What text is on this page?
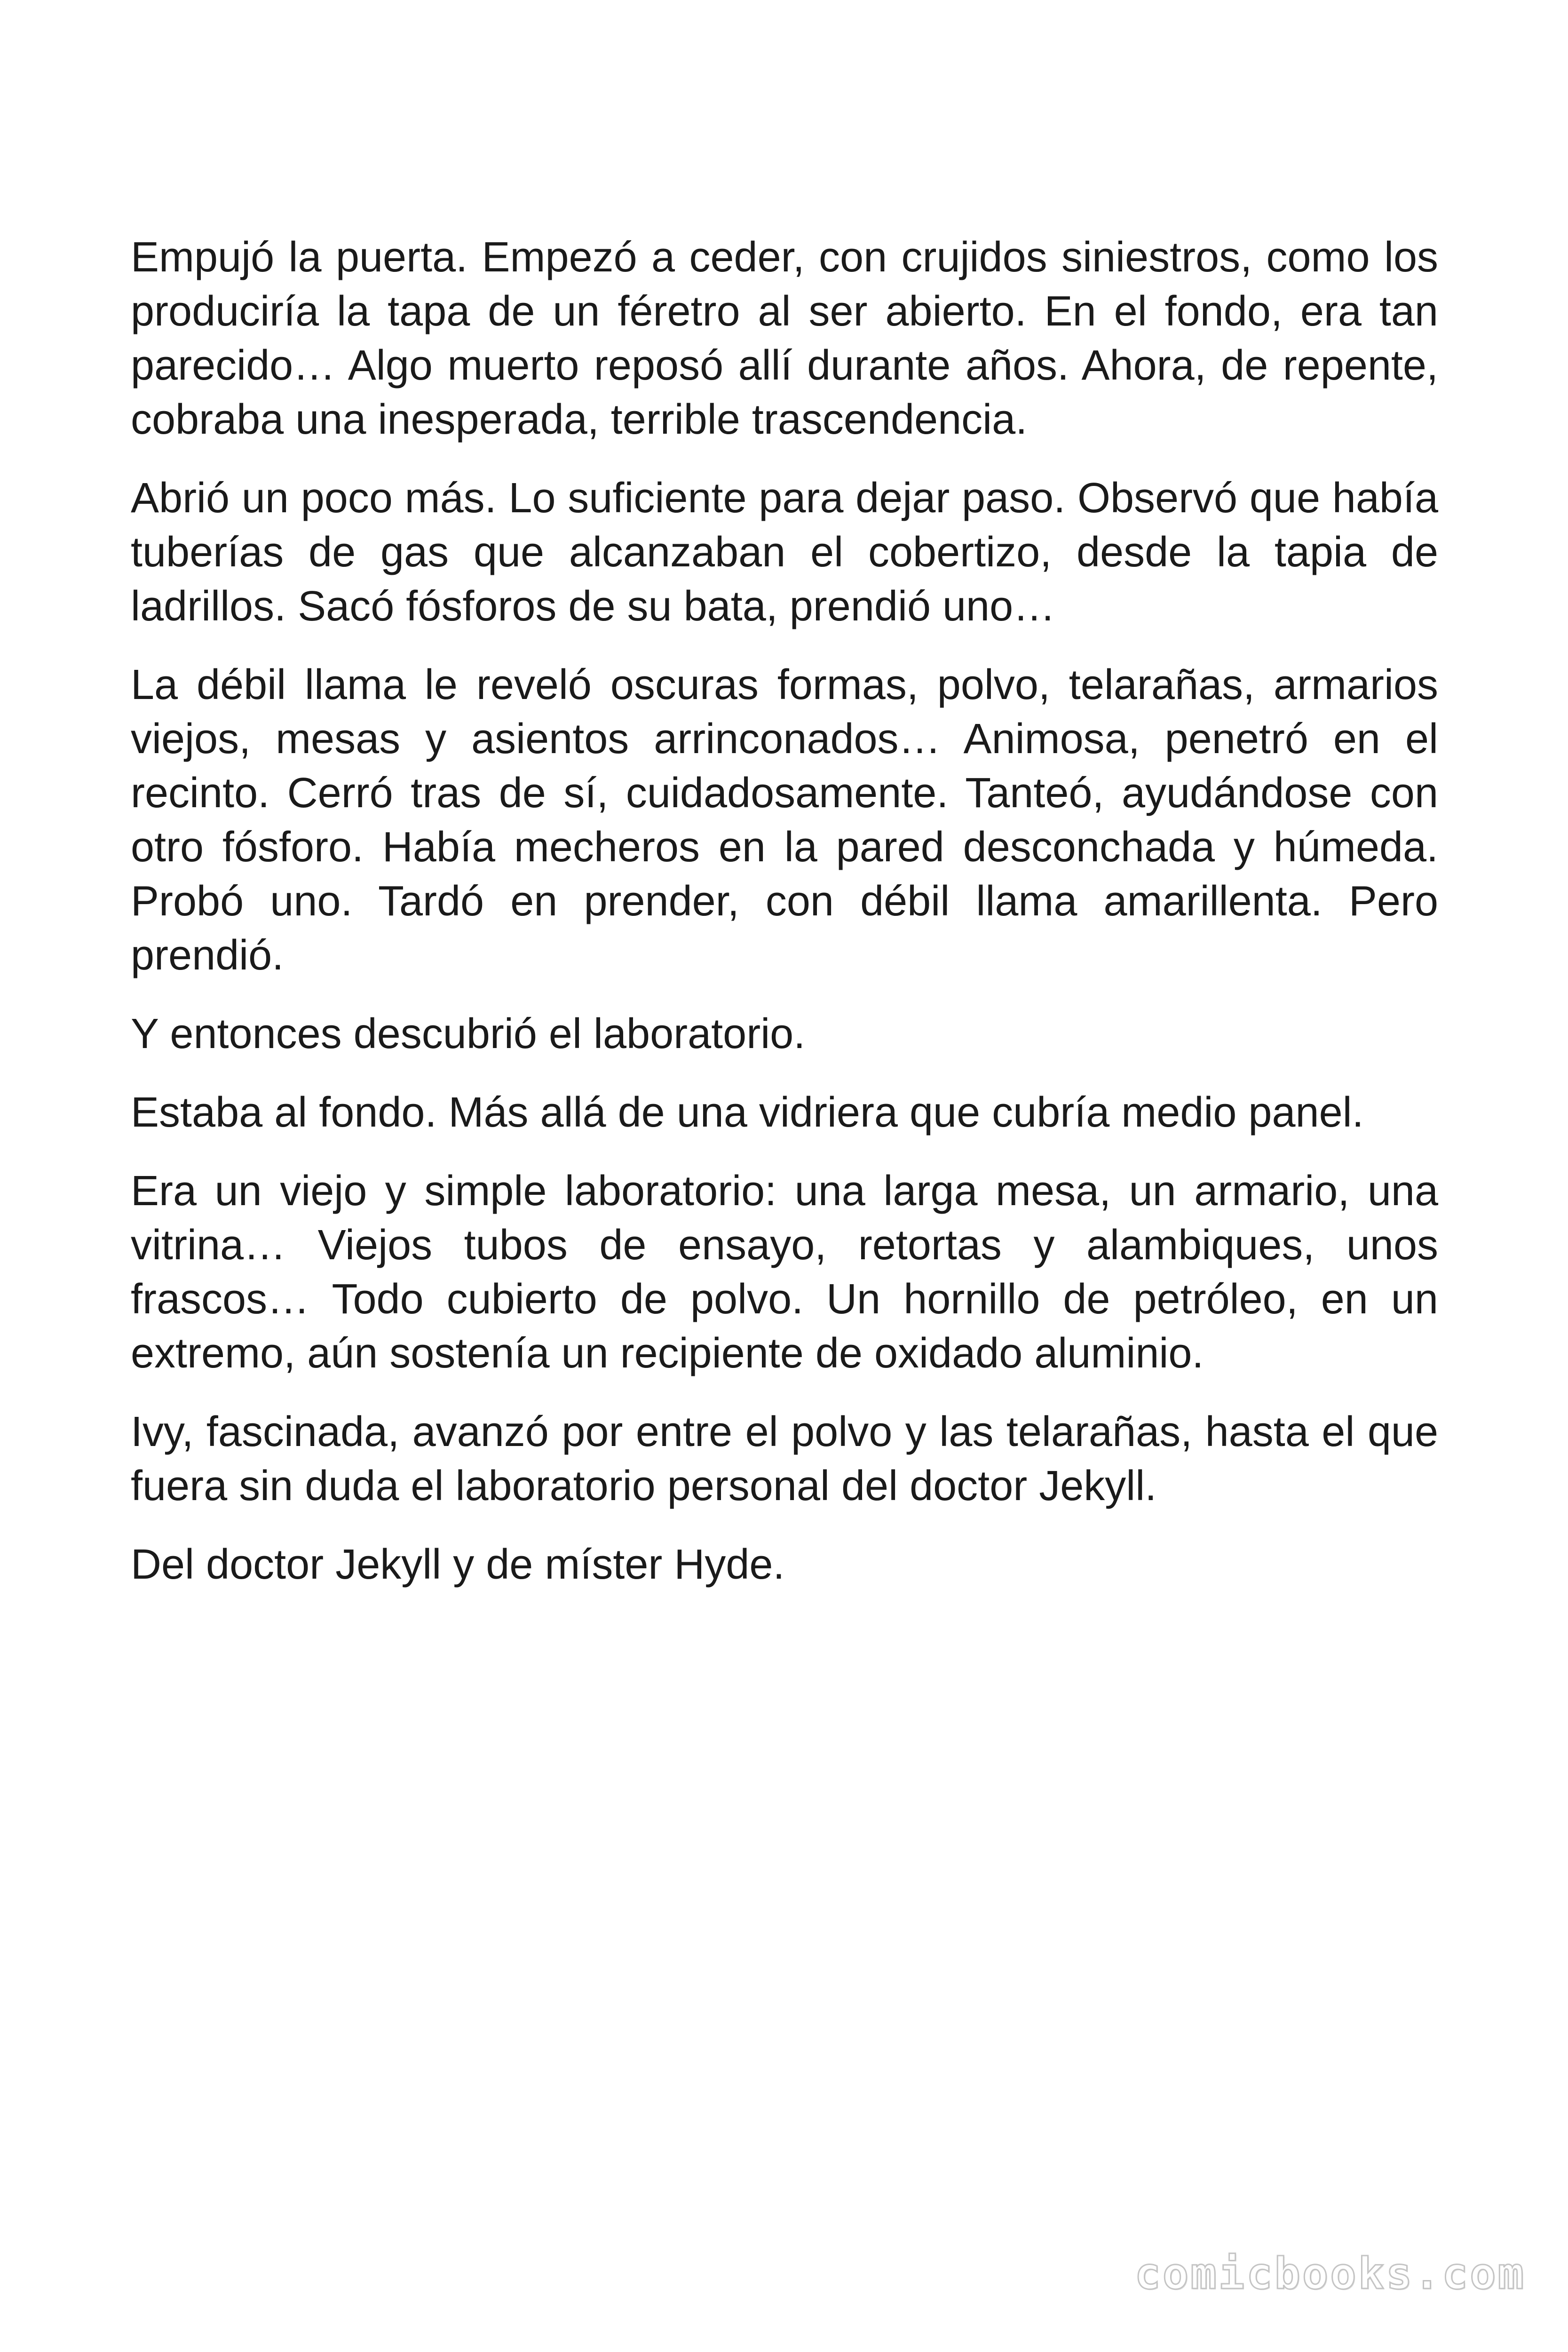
Empujó la puerta. Empezó a ceder, con crujidos siniestros, como los produciría la tapa de un féretro al ser abierto. En el fondo, era tan parecido… Algo muerto reposó allí durante años. Ahora, de repente, cobraba una inesperada, terrible trascendencia.

Abrió un poco más. Lo suficiente para dejar paso. Observó que había tuberías de gas que alcanzaban el cobertizo, desde la tapia de ladrillos. Sacó fósforos de su bata, prendió uno…

La débil llama le reveló oscuras formas, polvo, telarañas, armarios viejos, mesas y asientos arrinconados… Animosa, penetró en el recinto. Cerró tras de sí, cuidadosamente. Tanteó, ayudándose con otro fósforo. Había mecheros en la pared desconchada y húmeda. Probó uno. Tardó en prender, con débil llama amarillenta. Pero prendió.

Y entonces descubrió el laboratorio.

Estaba al fondo. Más allá de una vidriera que cubría medio panel.

Era un viejo y simple laboratorio: una larga mesa, un armario, una vitrina… Viejos tubos de ensayo, retortas y alambiques, unos frascos… Todo cubierto de polvo. Un hornillo de petróleo, en un extremo, aún sostenía un recipiente de oxidado aluminio.

Ivy, fascinada, avanzó por entre el polvo y las telarañas, hasta el que fuera sin duda el laboratorio personal del doctor Jekyll.

Del doctor Jekyll y de míster Hyde.

comicbooks.com
